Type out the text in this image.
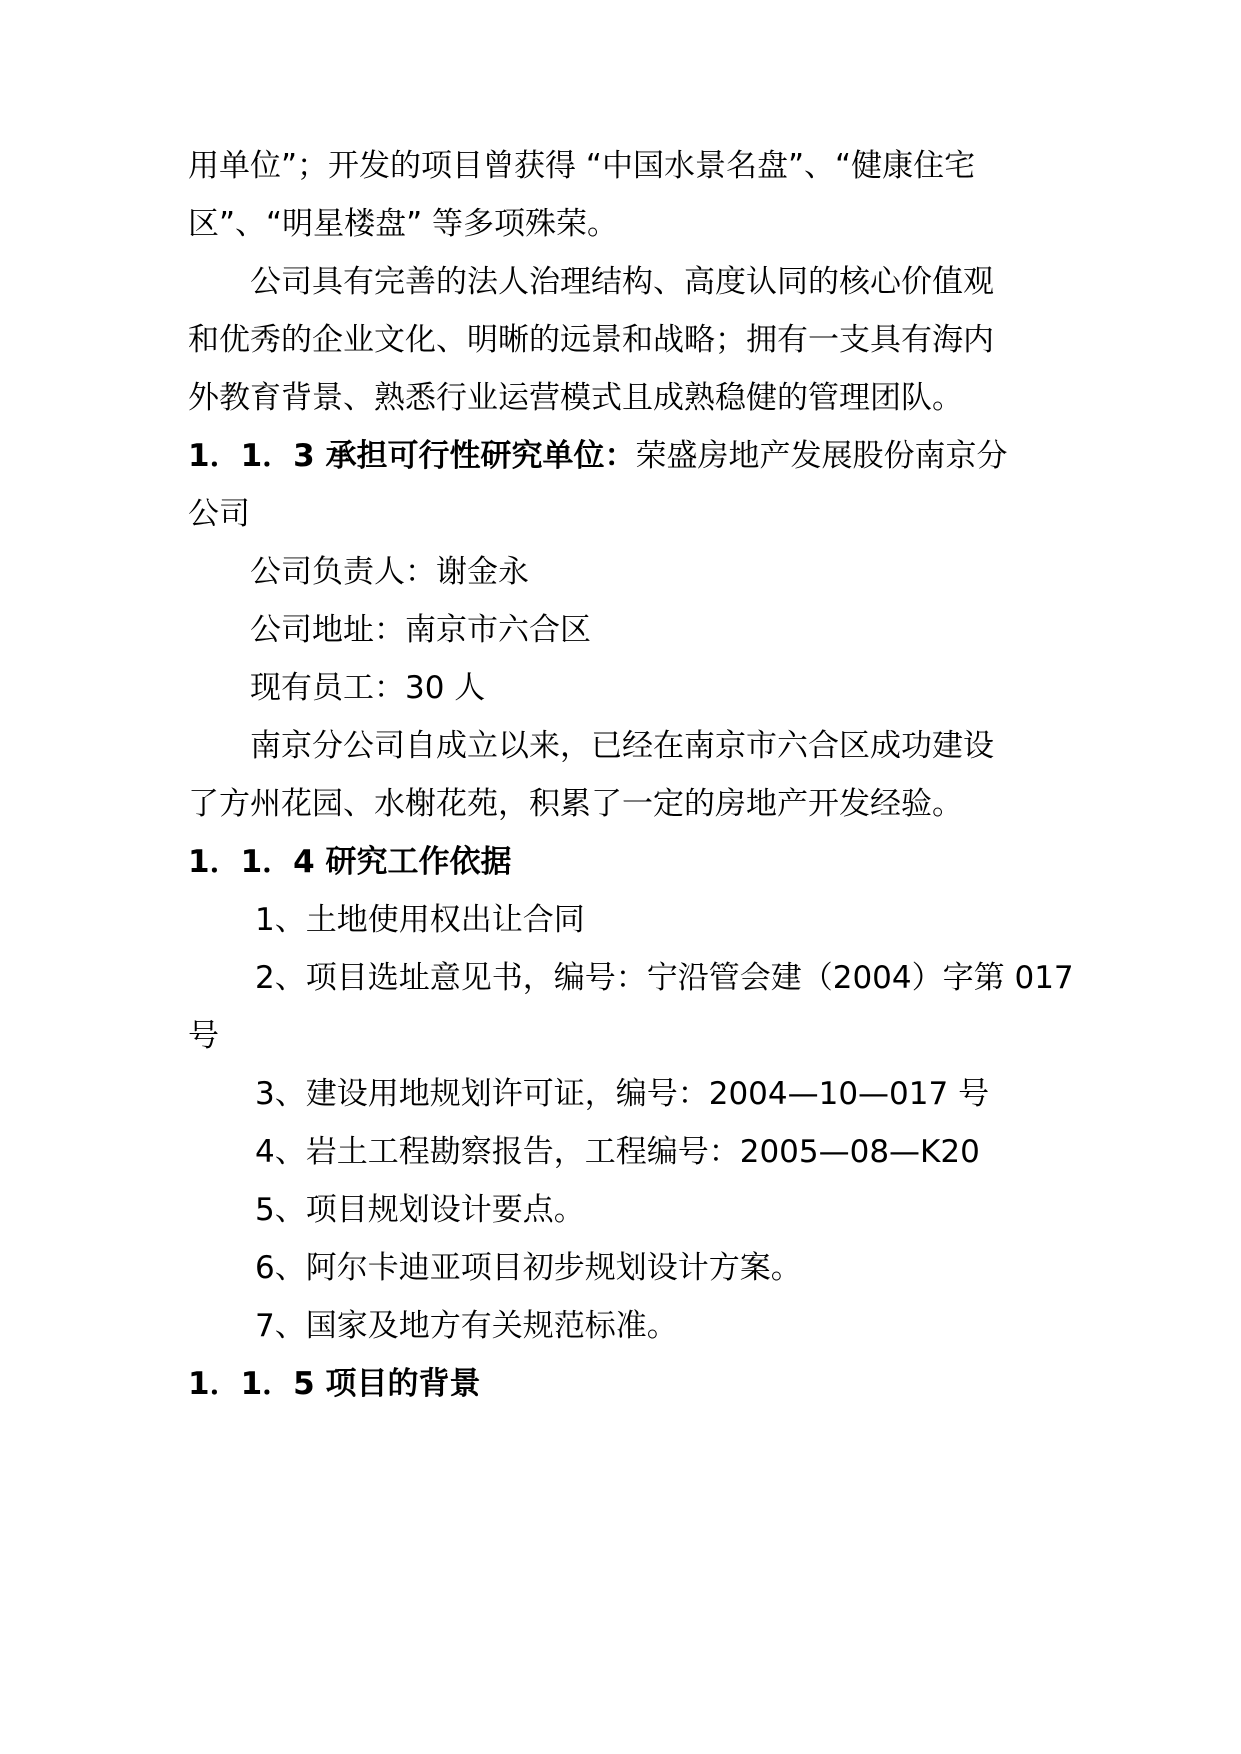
用单位”；开发的项目曾获得 “中国水景名盘”、“健康住宅
区”、“明星楼盘” 等多项殊荣。
公司具有完善的法人治理结构、高度认同的核心价值观
和优秀的企业文化、明晰的远景和战略；拥有一支具有海内
外教育背景、熟悉行业运营模式且成熟稳健的管理团队。
1．1．3 承担可行性研究单位：荣盛房地产发展股份南京分
公司
公司负责人：谢金永
公司地址：南京市六合区
现有员工：30 人
南京分公司自成立以来，已经在南京市六合区成功建设
了方州花园、水榭花苑，积累了一定的房地产开发经验。
1．1．4 研究工作依据
1、土地使用权出让合同
2、项目选址意见书，编号：宁沿管会建（2004）字第 017
号
3、建设用地规划许可证，编号：2004—10—017 号
4、岩土工程勘察报告，工程编号：2005—08—K20
5、项目规划设计要点。
6、阿尔卡迪亚项目初步规划设计方案。
7、国家及地方有关规范标准。
1．1．5 项目的背景
